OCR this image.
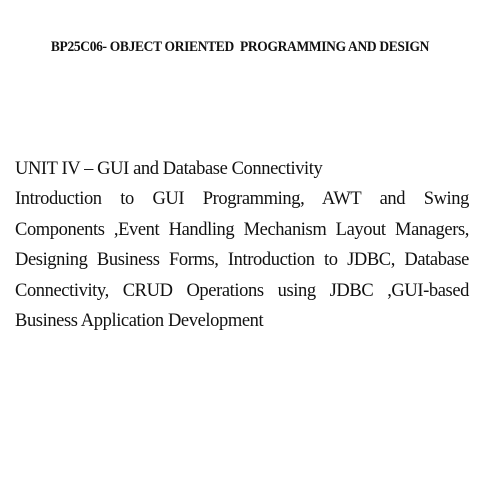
BP25C06- OBJECT ORIENTED  PROGRAMMING AND DESIGN
UNIT IV – GUI and Database Connectivity

Introduction to GUI Programming, AWT and Swing Components ,Event Handling Mechanism Layout Managers, Designing Business Forms, Introduction to JDBC, Database Connectivity, CRUD Operations using JDBC ,GUI-based Business Application Development
